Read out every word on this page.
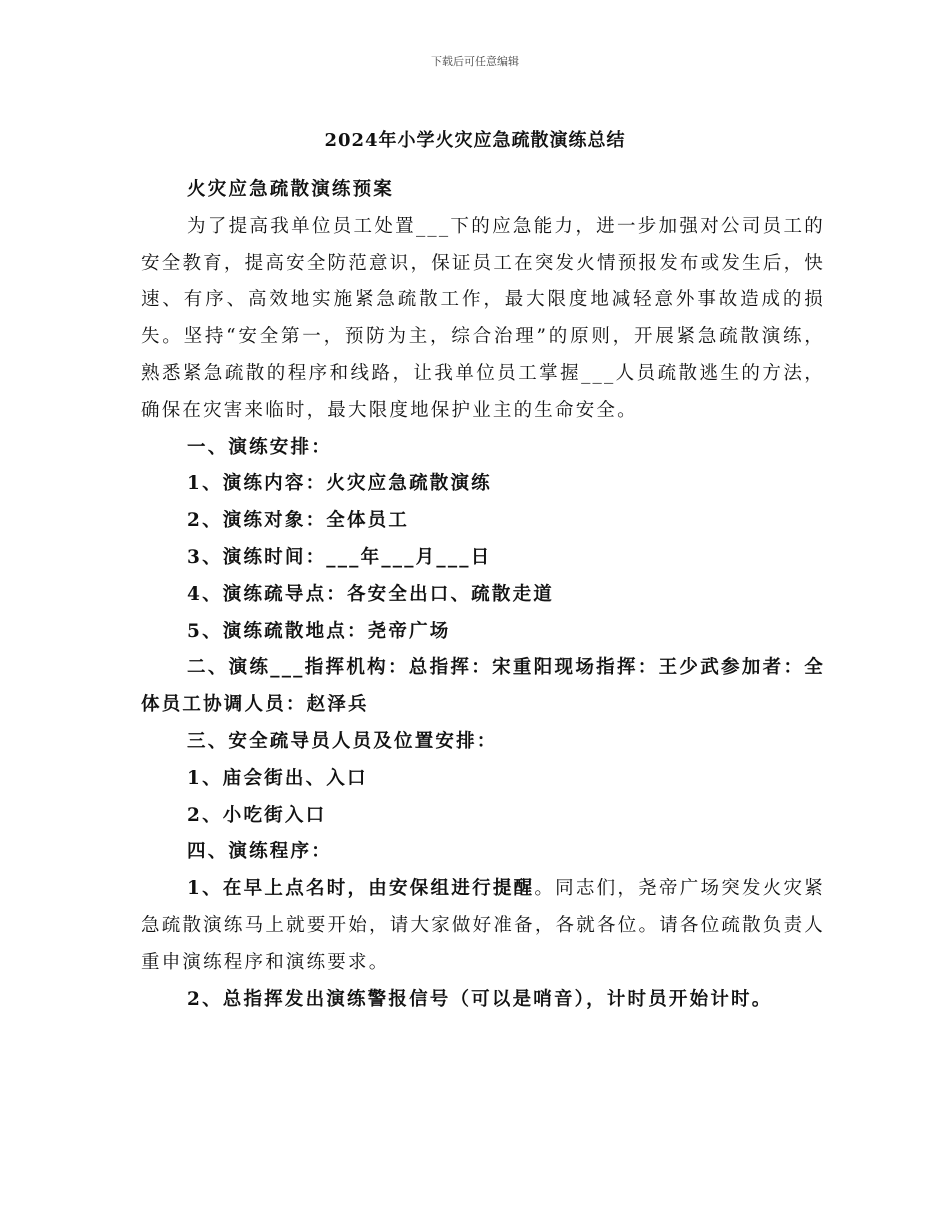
下载后可任意编辑
2024年小学火灾应急疏散演练总结

火灾应急疏散演练预案

为了提高我单位员工处置___下的应急能力，进一步加强对公司员工的安全教育，提高安全防范意识，保证员工在突发火情预报发布或发生后，快速、有序、高效地实施紧急疏散工作，最大限度地减轻意外事故造成的损失。坚持“安全第一，预防为主，综合治理”的原则，开展紧急疏散演练，熟悉紧急疏散的程序和线路，让我单位员工掌握___人员疏散逃生的方法，确保在灾害来临时，最大限度地保护业主的生命安全。

一、演练安排：

1、演练内容：火灾应急疏散演练

2、演练对象：全体员工

3、演练时间：___年___月___日

4、演练疏导点：各安全出口、疏散走道

5、演练疏散地点：尧帝广场

二、演练___指挥机构：总指挥：宋重阳现场指挥：王少武参加者：全体员工协调人员：赵泽兵

三、安全疏导员人员及位置安排：

1、庙会街出、入口

2、小吃街入口

四、演练程序：

1、在早上点名时，由安保组进行提醒。同志们，尧帝广场突发火灾紧急疏散演练马上就要开始，请大家做好准备，各就各位。请各位疏散负责人重申演练程序和演练要求。

2、总指挥发出演练警报信号（可以是哨音），计时员开始计时。
